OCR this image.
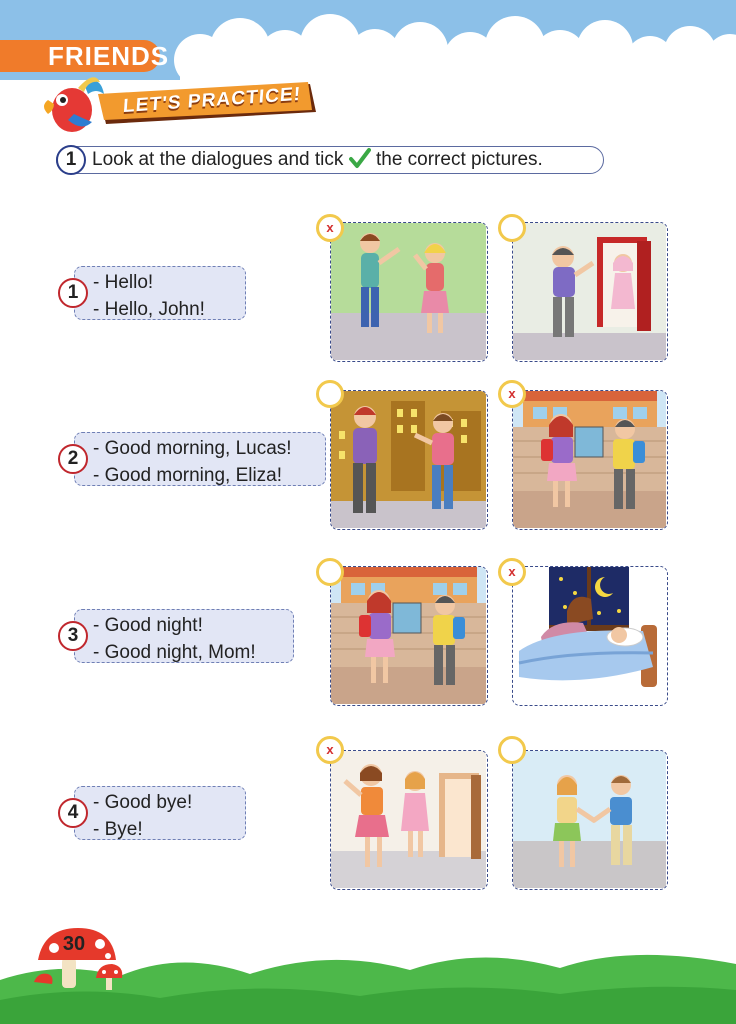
FRIENDS
LET'S PRACTICE!
1 Look at the dialogues and tick the correct pictures.
- Hello!
- Hello, John!
1
x
- Good morning, Lucas!
- Good morning, Eliza!
2
x
- Good night!
- Good night, Mom!
3
x
- Good bye!
- Bye!
4
x
30
